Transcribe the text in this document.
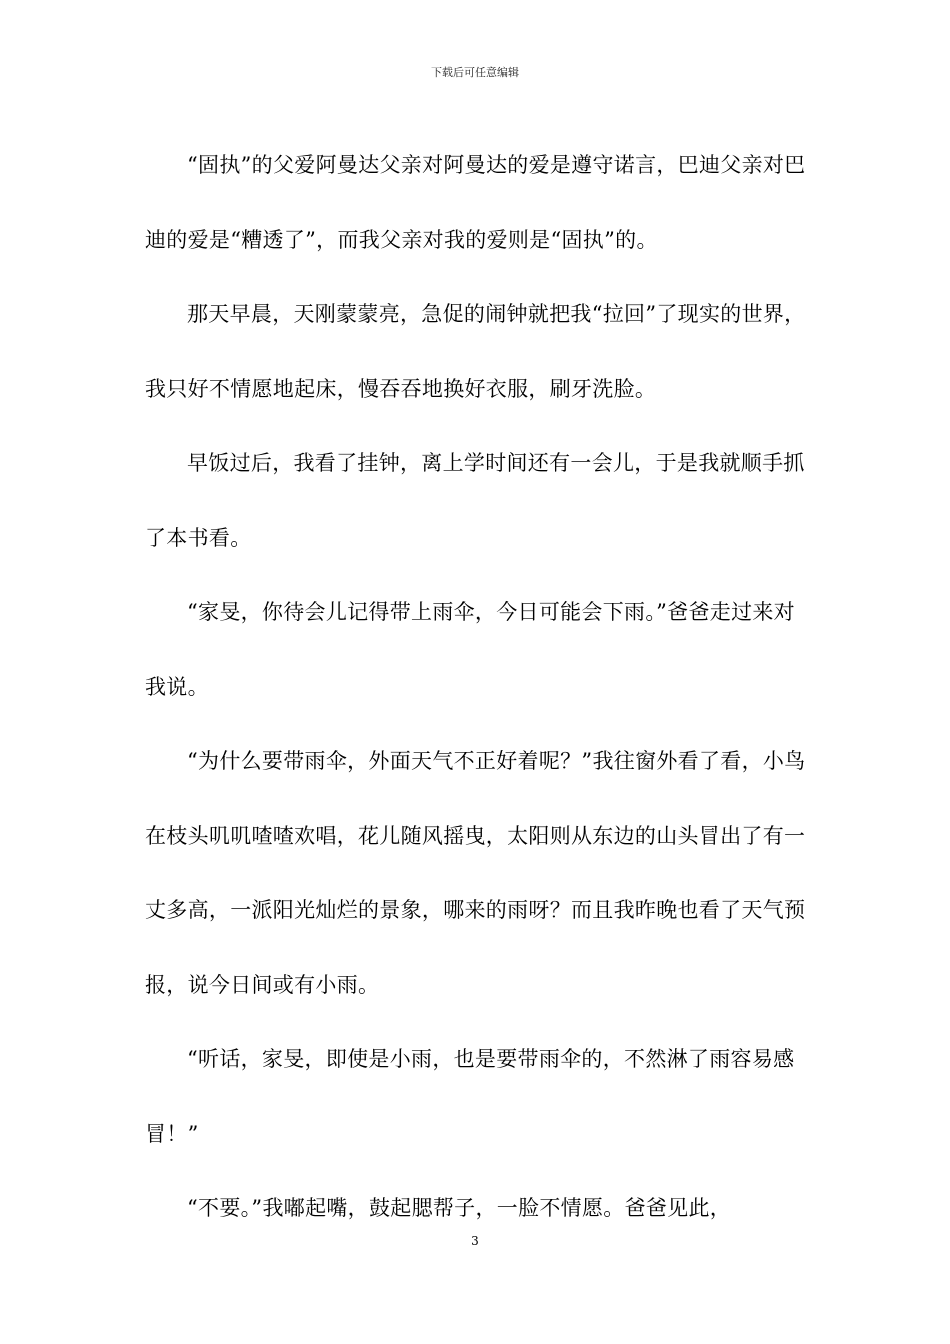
下载后可任意编辑

“固执”的父爱阿曼达父亲对阿曼达的爱是遵守诺言，巴迪父亲对巴迪的爱是“糟透了”，而我父亲对我的爱则是“固执”的。

那天早晨，天刚蒙蒙亮，急促的闹钟就把我“拉回”了现实的世界，我只好不情愿地起床，慢吞吞地换好衣服，刷牙洗脸。

早饭过后，我看了挂钟，离上学时间还有一会儿，于是我就顺手抓了本书看。

“家旻，你待会儿记得带上雨伞，今日可能会下雨。”爸爸走过来对我说。

“为什么要带雨伞，外面天气不正好着呢？”我往窗外看了看，小鸟在枝头叽叽喳喳欢唱，花儿随风摇曳，太阳则从东边的山头冒出了有一丈多高，一派阳光灿烂的景象，哪来的雨呀？而且我昨晚也看了天气预报，说今日间或有小雨。

“听话，家旻，即使是小雨，也是要带雨伞的，不然淋了雨容易感冒！”

“不要。”我嘟起嘴，鼓起腮帮子，一脸不情愿。爸爸见此，

3
